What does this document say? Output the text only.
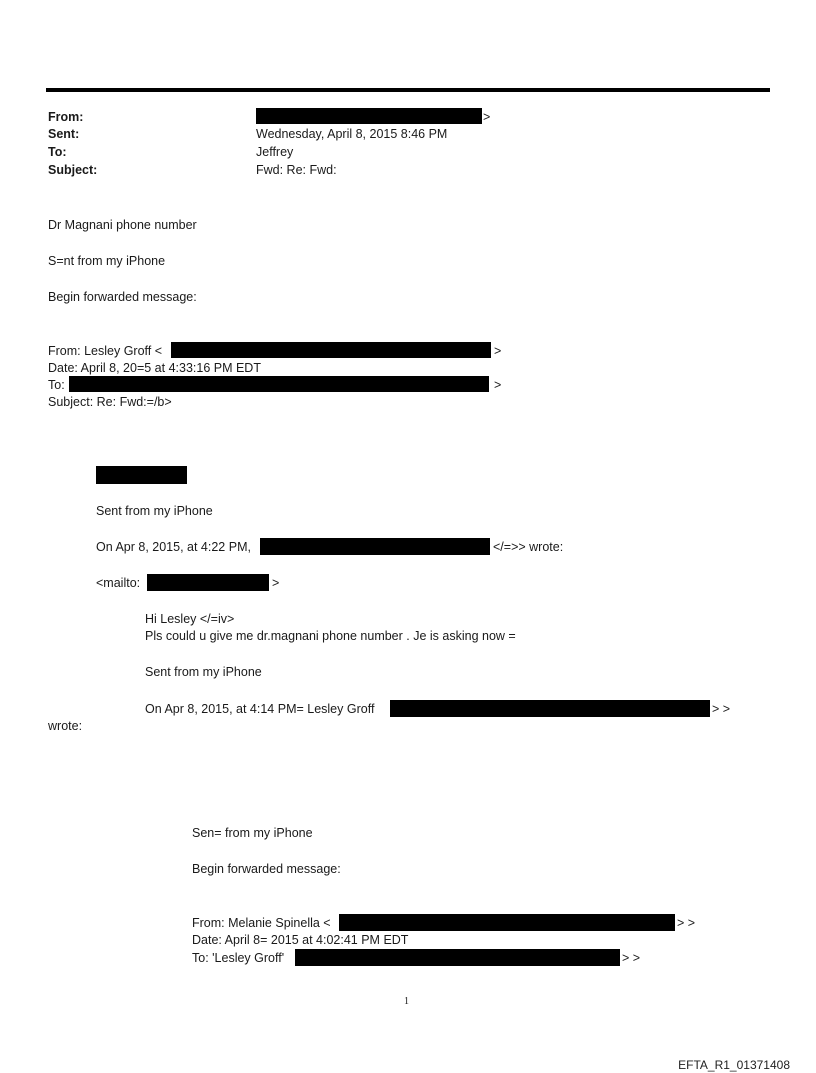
From:	>
Sent:	Wednesday, April 8, 2015 8:46 PM
To:	Jeffrey
Subject:	Fwd: Re: Fwd:
Dr Magnani phone number
S=nt from my iPhone
Begin forwarded message:
From: Lesley Groff <	>
Date: April 8, 20=5 at 4:33:16 PM EDT
To:	>
Subject: Re: Fwd:=/b>
Sent from my iPhone
On Apr 8, 2015, at 4:22 PM,	</=>> wrote:
<mailto:	>
Hi Lesley </=iv>
Pls could u give me dr.magnani phone number . Je is asking now =
Sent from my iPhone
On Apr 8, 2015, at 4:14 PM= Lesley Groff	> >
wrote:
Sen= from my iPhone
Begin forwarded message:
From: Melanie Spinella <	> >
Date: April 8= 2015 at 4:02:41 PM EDT
To: 'Lesley Groff'	> >
1
EFTA_R1_01371408
